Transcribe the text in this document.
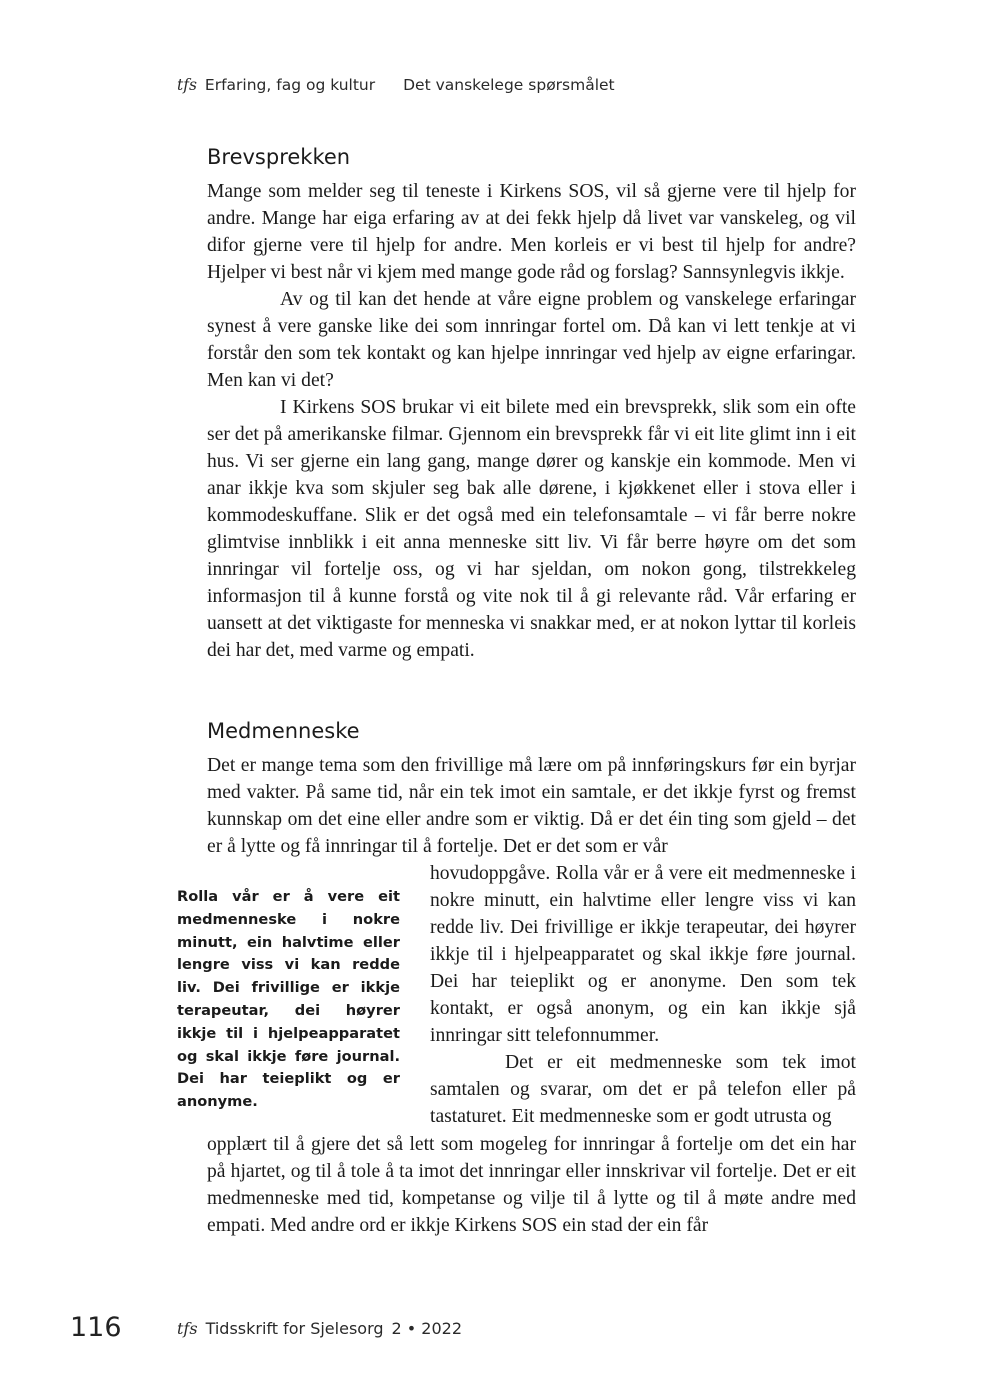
tfs Erfaring, fag og kultur Det vanskelege spørsmålet
Brevsprekken

Mange som melder seg til teneste i Kirkens SOS, vil så gjerne vere til hjelp for andre. Mange har eiga erfaring av at dei fekk hjelp då livet var vanskeleg, og vil difor gjerne vere til hjelp for andre. Men korleis er vi best til hjelp for andre? Hjelper vi best når vi kjem med mange gode råd og forslag? Sannsynlegvis ikkje.

Av og til kan det hende at våre eigne problem og vanskelege erfaringar synest å vere ganske like dei som innringar fortel om. Då kan vi lett tenkje at vi forstår den som tek kontakt og kan hjelpe innringar ved hjelp av eigne erfaringar. Men kan vi det?

I Kirkens SOS brukar vi eit bilete med ein brevsprekk, slik som ein ofte ser det på amerikanske filmar. Gjennom ein brevsprekk får vi eit lite glimt inn i eit hus. Vi ser gjerne ein lang gang, mange dører og kanskje ein kommode. Men vi anar ikkje kva som skjuler seg bak alle dørene, i kjøkkenet eller i stova eller i kommodeskuffane. Slik er det også med ein telefonsamtale – vi får berre nokre glimtvise innblikk i eit anna menneske sitt liv. Vi får berre høyre om det som innringar vil fortelje oss, og vi har sjeldan, om nokon gong, tilstrekkeleg informasjon til å kunne forstå og vite nok til å gi relevante råd. Vår erfaring er uansett at det viktigaste for menneska vi snakkar med, er at nokon lyttar til korleis dei har det, med varme og empati.

Medmenneske

Det er mange tema som den frivillige må lære om på innføringskurs før ein byrjar med vakter. På same tid, når ein tek imot ein samtale, er det ikkje fyrst og fremst kunnskap om det eine eller andre som er viktig. Då er det éin ting som gjeld – det er å lytte og få innringar til å fortelje. Det er det som er vår

hovudoppgåve. Rolla vår er å vere eit medmenneske i nokre minutt, ein halvtime eller lengre viss vi kan redde liv. Dei frivillige er ikkje terapeutar, dei høyrer ikkje til i hjelpeapparatet og skal ikkje føre journal. Dei har teieplikt og er anonyme. Den som tek kontakt, er også anonym, og ein kan ikkje sjå innringar sitt telefonnummer.

Det er eit medmenneske som tek imot samtalen og svarar, om det er på telefon eller på tastaturet. Eit medmenneske som er godt utrusta og

Rolla vår er å vere eit medmenneske i nokre minutt, ein halvtime eller lengre viss vi kan redde liv. Dei frivillige er ikkje terapeutar, dei høyrer ikkje til i hjelpeapparatet og skal ikkje føre journal. Dei har teieplikt og er anonyme.

opplært til å gjere det så lett som mogeleg for innringar å fortelje om det ein har på hjartet, og til å tole å ta imot det innringar eller innskrivar vil fortelje. Det er eit medmenneske med tid, kompetanse og vilje til å lytte og til å møte andre med empati. Med andre ord er ikkje Kirkens SOS ein stad der ein får

116	tfs Tidsskrift for Sjelesorg 2 • 2022
